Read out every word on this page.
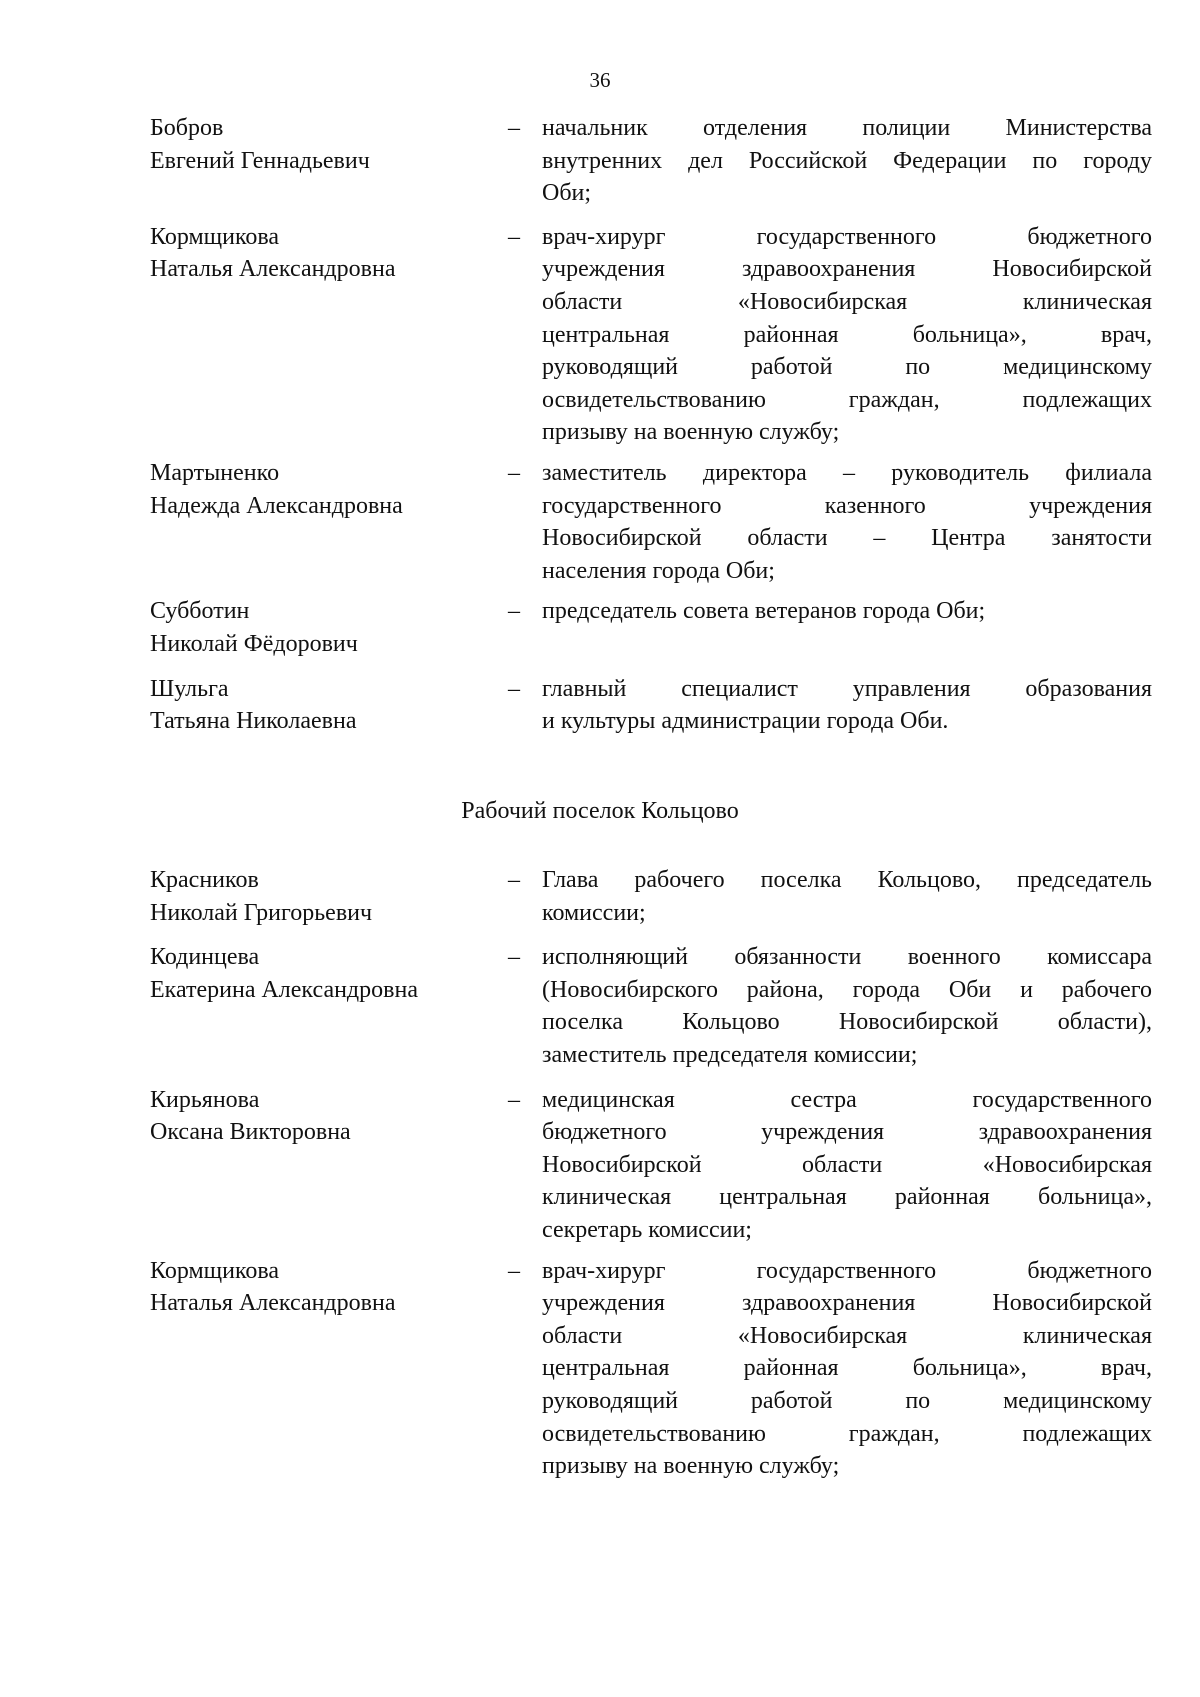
36
Бобров
Евгений Геннадьевич
– начальник отделения полиции Министерства
внутренних дел Российской Федерации по городу
Оби;
Кормщикова
Наталья Александровна
– врач-хирург государственного бюджетного
учреждения здравоохранения Новосибирской
области «Новосибирская клиническая
центральная районная больница», врач,
руководящий работой по медицинскому
освидетельствованию граждан, подлежащих
призыву на военную службу;
Мартыненко
Надежда Александровна
– заместитель директора – руководитель филиала
государственного казенного учреждения
Новосибирской области – Центра занятости
населения города Оби;
Субботин
Николай Фёдорович
– председатель совета ветеранов города Оби;
Шульга
Татьяна Николаевна
– главный специалист управления образования
и культуры администрации города Оби.
Рабочий поселок Кольцово
Красников
Николай Григорьевич
– Глава рабочего поселка Кольцово, председатель
комиссии;
Кодинцева
Екатерина Александровна
– исполняющий обязанности военного комиссара
(Новосибирского района, города Оби и рабочего
поселка Кольцово Новосибирской области),
заместитель председателя комиссии;
Кирьянова
Оксана Викторовна
– медицинская сестра государственного
бюджетного учреждения здравоохранения
Новосибирской области «Новосибирская
клиническая центральная районная больница»,
секретарь комиссии;
Кормщикова
Наталья Александровна
– врач-хирург государственного бюджетного
учреждения здравоохранения Новосибирской
области «Новосибирская клиническая
центральная районная больница», врач,
руководящий работой по медицинскому
освидетельствованию граждан, подлежащих
призыву на военную службу;
